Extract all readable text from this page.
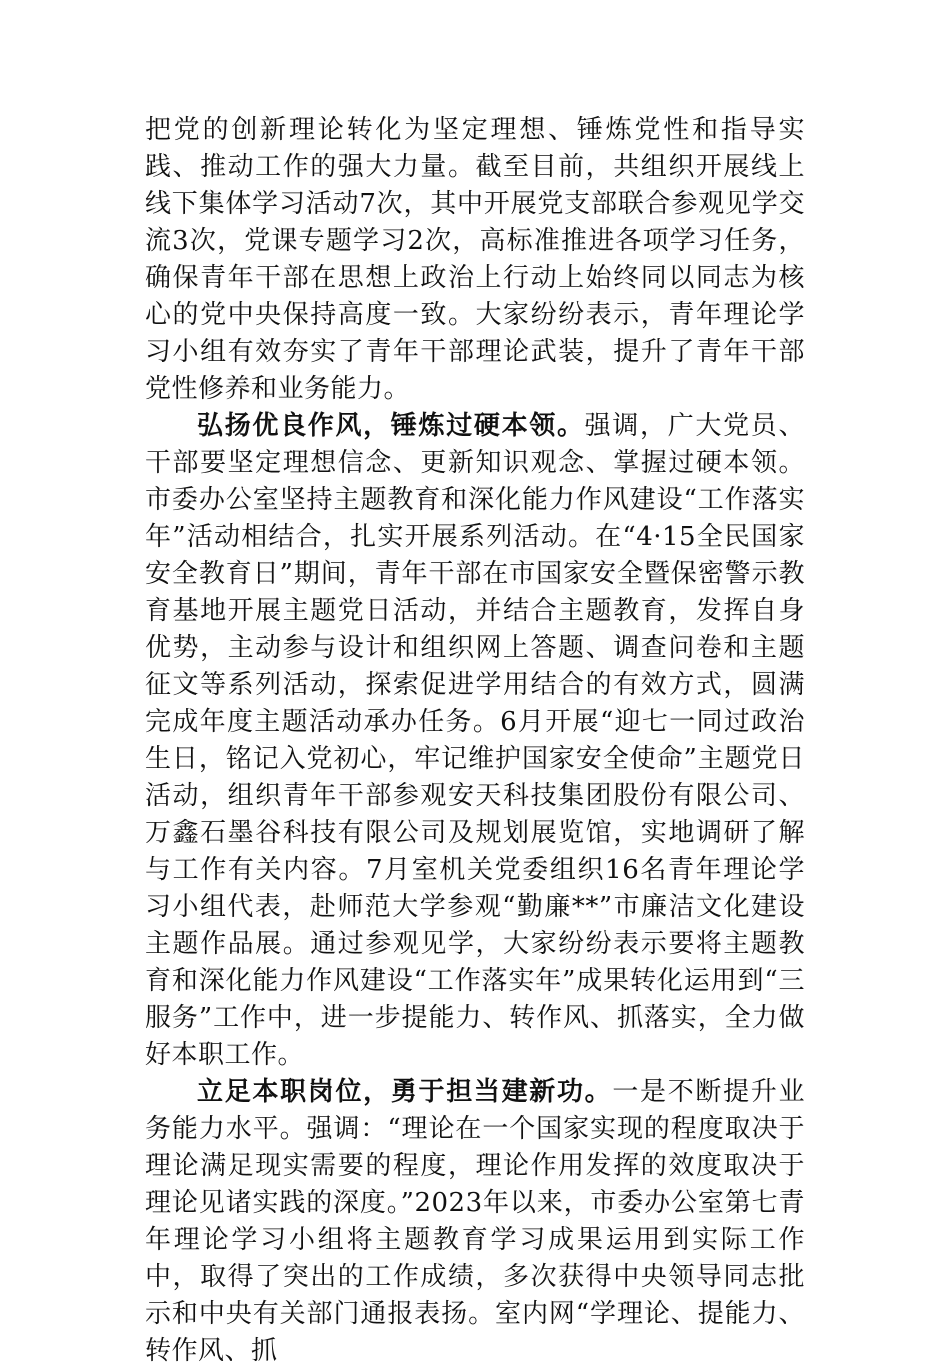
把党的创新理论转化为坚定理想、锤炼党性和指导实践、推动工作的强大力量。截至目前，共组织开展线上线下集体学习活动7次，其中开展党支部联合参观见学交流3次，党课专题学习2次，高标准推进各项学习任务，确保青年干部在思想上政治上行动上始终同以同志为核心的党中央保持高度一致。大家纷纷表示，青年理论学习小组有效夯实了青年干部理论武装，提升了青年干部党性修养和业务能力。

弘扬优良作风，锤炼过硬本领。强调，广大党员、干部要坚定理想信念、更新知识观念、掌握过硬本领。市委办公室坚持主题教育和深化能力作风建设“工作落实年”活动相结合，扎实开展系列活动。在“4·15全民国家安全教育日”期间，青年干部在市国家安全暨保密警示教育基地开展主题党日活动，并结合主题教育，发挥自身优势，主动参与设计和组织网上答题、调查问卷和主题征文等系列活动，探索促进学用结合的有效方式，圆满完成年度主题活动承办任务。6月开展“迎七一同过政治生日，铭记入党初心，牢记维护国家安全使命”主题党日活动，组织青年干部参观安天科技集团股份有限公司、万鑫石墨谷科技有限公司及规划展览馆，实地调研了解与工作有关内容。7月室机关党委组织16名青年理论学习小组代表，赴师范大学参观“勤廉**”市廉洁文化建设主题作品展。通过参观见学，大家纷纷表示要将主题教育和深化能力作风建设“工作落实年”成果转化运用到“三服务”工作中，进一步提能力、转作风、抓落实，全力做好本职工作。

立足本职岗位，勇于担当建新功。一是不断提升业务能力水平。强调：“理论在一个国家实现的程度取决于理论满足现实需要的程度，理论作用发挥的效度取决于理论见诸实践的深度。”2023年以来，市委办公室第七青年理论学习小组将主题教育学习成果运用到实际工作中，取得了突出的工作成绩，多次获得中央领导同志批示和中央有关部门通报表扬。室内网“学理论、提能力、转作风、抓
